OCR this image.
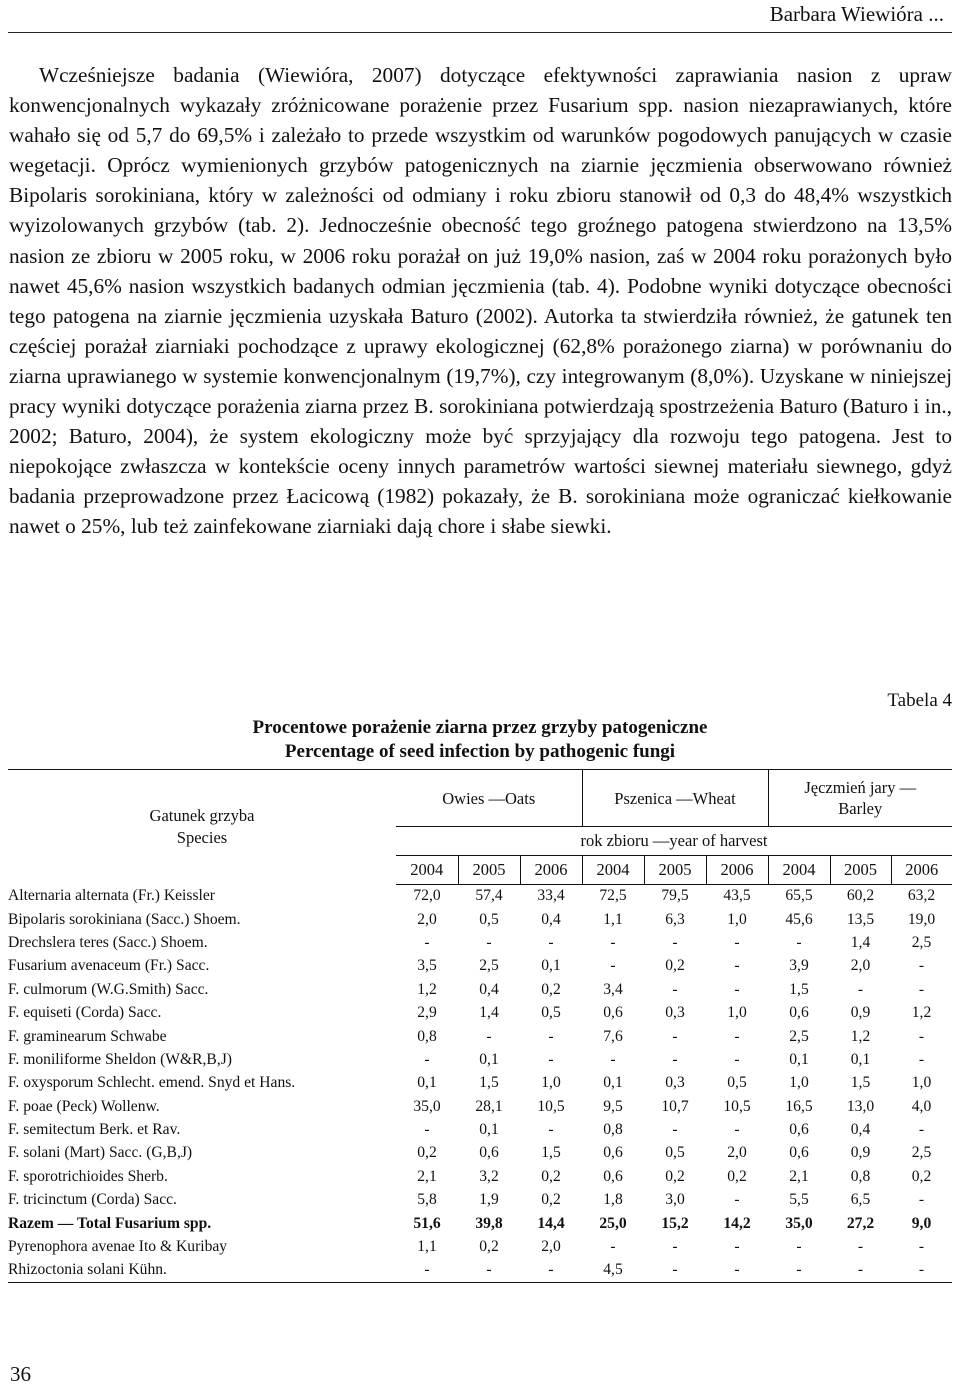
Barbara Wiewióra ...

Wcześniejsze badania (Wiewióra, 2007) dotyczące efektywności zaprawiania nasion z upraw konwencjonalnych wykazały zróżnicowane porażenie przez Fusarium spp. nasion niezaprawianych, które wahało się od 5,7 do 69,5% i zależało to przede wszystkim od warunków pogodowych panujących w czasie wegetacji. Oprócz wymienionych grzybów patogenicznych na ziarnie jęczmienia obserwowano również Bipolaris sorokiniana, który w zależności od odmiany i roku zbioru stanowił od 0,3 do 48,4% wszystkich wyizolowanych grzybów (tab. 2). Jednocześnie obecność tego groźnego patogena stwierdzono na 13,5% nasion ze zbioru w 2005 roku, w 2006 roku porażał on już 19,0% nasion, zaś w 2004 roku porażonych było nawet 45,6% nasion wszystkich badanych odmian jęczmienia (tab. 4). Podobne wyniki dotyczące obecności tego patogena na ziarnie jęczmienia uzyskała Baturo (2002). Autorka ta stwierdziła również, że gatunek ten częściej porażał ziarniaki pochodzące z uprawy ekologicznej (62,8% porażonego ziarna) w porównaniu do ziarna uprawianego w systemie konwencjonalnym (19,7%), czy integrowanym (8,0%). Uzyskane w niniejszej pracy wyniki dotyczące porażenia ziarna przez B. sorokiniana potwierdzają spostrzeżenia Baturo (Baturo i in., 2002; Baturo, 2004), że system ekologiczny może być sprzyjający dla rozwoju tego patogena. Jest to niepokojące zwłaszcza w kontekście oceny innych parametrów wartości siewnej materiału siewnego, gdyż badania przeprowadzone przez Łacicową (1982) pokazały, że B. sorokiniana może ograniczać kiełkowanie nawet o 25%, lub też zainfekowane ziarniaki dają chore i słabe siewki.

Tabela 4
Procentowe porażenie ziarna przez grzyby patogeniczne
Percentage of seed infection by pathogenic fungi
Gatunek grzyba
Species	Owies —Oats			Pszenica —Wheat			Jęczmień jary — Barley		

	rok zbioru —year of harvest								
	2004	2005	2006	2004	2005	2006	2004	2005	2006
Alternaria alternata (Fr.) Keissler	72,0	57,4	33,4	72,5	79,5	43,5	65,5	60,2	63,2
Bipolaris sorokiniana (Sacc.) Shoem.	2,0	0,5	0,4	1,1	6,3	1,0	45,6	13,5	19,0
Drechslera teres (Sacc.) Shoem.	-	-	-	-	-	-	-	1,4	2,5
Fusarium avenaceum (Fr.) Sacc.	3,5	2,5	0,1	-	0,2	-	3,9	2,0	-
F. culmorum (W.G.Smith) Sacc.	1,2	0,4	0,2	3,4	-	-	1,5	-	-
F. equiseti (Corda) Sacc.	2,9	1,4	0,5	0,6	0,3	1,0	0,6	0,9	1,2
F. graminearum Schwabe	0,8	-	-	7,6	-	-	2,5	1,2	-
F. moniliforme Sheldon (W&R,B,J)	-	0,1	-	-	-	-	0,1	0,1	-
F. oxysporum Schlecht. emend. Snyd et Hans.	0,1	1,5	1,0	0,1	0,3	0,5	1,0	1,5	1,0
F. poae (Peck) Wollenw.	35,0	28,1	10,5	9,5	10,7	10,5	16,5	13,0	4,0
F. semitectum Berk. et Rav.	-	0,1	-	0,8	-	-	0,6	0,4	-
F. solani (Mart) Sacc. (G,B,J)	0,2	0,6	1,5	0,6	0,5	2,0	0,6	0,9	2,5
F. sporotrichioides Sherb.	2,1	3,2	0,2	0,6	0,2	0,2	2,1	0,8	0,2
F. tricinctum (Corda) Sacc.	5,8	1,9	0,2	1,8	3,0	-	5,5	6,5	-
Razem — Total Fusarium spp.	51,6	39,8	14,4	25,0	15,2	14,2	35,0	27,2	9,0
Pyrenophora avenae Ito & Kuribay	1,1	0,2	2,0	-	-	-	-	-	-
Rhizoctonia solani Kühn.	-	-	-	4,5	-	-	-	-	-
36
